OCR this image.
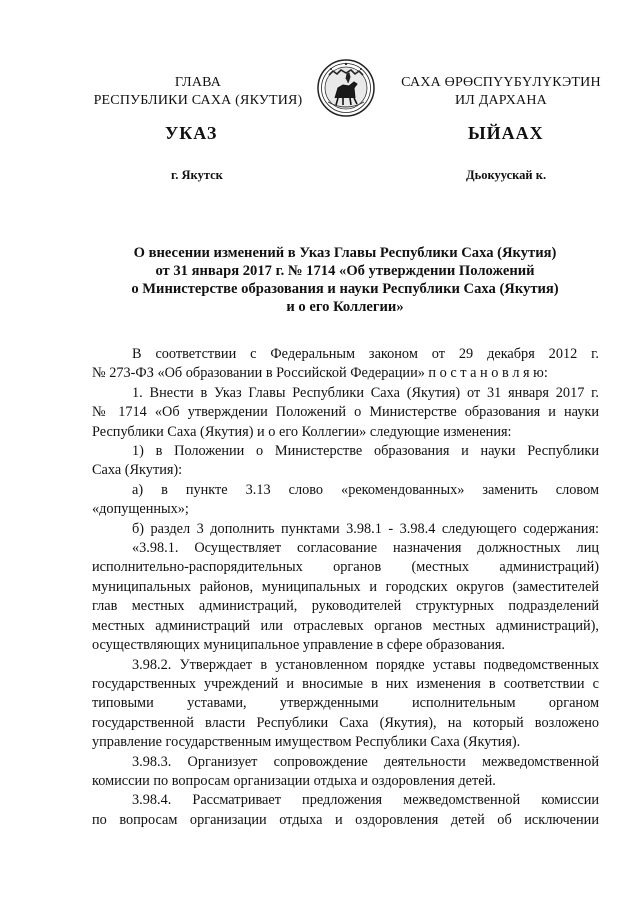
ГЛАВА
РЕСПУБЛИКИ САХА (ЯКУТИЯ)
САХА ӨРӨСПҮҮБҮЛҮКЭТИН
ИЛ ДАРХАНА
УКАЗ	ЫЙААХ
г. Якутск	Дьокуускай к.
О внесении изменений в Указ Главы Республики Саха (Якутия)
от 31 января 2017 г. № 1714 «Об утверждении Положений
о Министерстве образования и науки Республики Саха (Якутия)
и о его Коллегии»

В соответствии с Федеральным законом от 29 декабря 2012 г.

№ 273-ФЗ «Об образовании в Российской Федерации» п о с т а н о в л я ю:

1. Внести в Указ Главы Республики Саха (Якутия) от 31 января 2017 г.

№ 1714 «Об утверждении Положений о Министерстве образования и науки

Республики Саха (Якутия) и о его Коллегии» следующие изменения:

1) в Положении о Министерстве образования и науки Республики

Саха (Якутия):

а) в пункте 3.13 слово «рекомендованных» заменить словом

«допущенных»;

б) раздел 3 дополнить пунктами 3.98.1 - 3.98.4 следующего содержания:

«3.98.1. Осуществляет согласование назначения должностных лиц

исполнительно-распорядительных органов (местных администраций)

муниципальных районов, муниципальных и городских округов (заместителей

глав местных администраций, руководителей структурных подразделений

местных администраций или отраслевых органов местных администраций),

осуществляющих муниципальное управление в сфере образования.

3.98.2. Утверждает в установленном порядке уставы подведомственных

государственных учреждений и вносимые в них изменения в соответствии с

типовыми уставами, утвержденными исполнительным органом

государственной власти Республики Саха (Якутия), на который возложено

управление государственным имуществом Республики Саха (Якутия).

3.98.3. Организует сопровождение деятельности межведомственной

комиссии по вопросам организации отдыха и оздоровления детей.

3.98.4. Рассматривает предложения межведомственной комиссии

по вопросам организации отдыха и оздоровления детей об исключении
